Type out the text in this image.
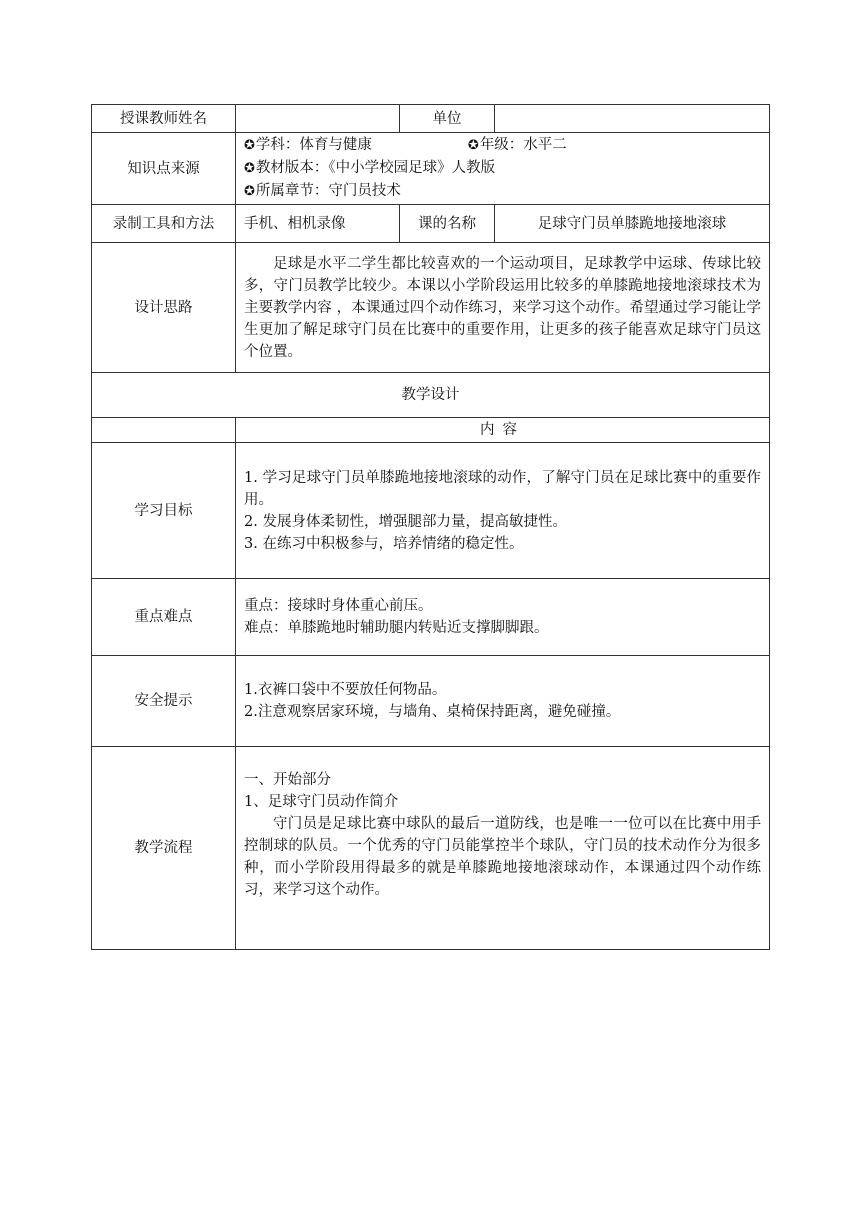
授课教师姓名		单位	
知识点来源	✪学科：体育与健康 ✪年级：水平二
✪教材版本：《中小学校园足球》人教版
✪所属章节：守门员技术		

录制工具和方法	手机、相机录像	课的名称	足球守门员单膝跪地接地滚球
设计思路	足球是水平二学生都比较喜欢的一个运动项目，足球教学中运球、传球比较多，守门员教学比较少。本课以小学阶段运用比较多的单膝跪地接地滚球技术为主要教学内容 ，本课通过四个动作练习，来学习这个动作。希望通过学习能让学生更加了解足球守门员在比赛中的重要作用，让更多的孩子能喜欢足球守门员这个位置。		
教学设计			
	内容		
学习目标	1. 学习足球守门员单膝跪地接地滚球的动作，了解守门员在足球比赛中的重要作用。
2. 发展身体柔韧性，增强腿部力量，提高敏捷性。
3. 在练习中积极参与，培养情绪的稳定性。		

重点难点	重点：接球时身体重心前压。
难点：单膝跪地时辅助腿内转贴近支撑脚脚跟。		

安全提示	1.衣裤口袋中不要放任何物品。
2.注意观察居家环境，与墙角、桌椅保持距离，避免碰撞。		

教学流程	一、开始部分
1、足球守门员动作简介
守门员是足球比赛中球队的最后一道防线，也是唯一一位可以在比赛中用手控制球的队员。一个优秀的守门员能掌控半个球队，守门员的技术动作分为很多种，而小学阶段用得最多的就是单膝跪地接地滚球动作，本课通过四个动作练习，来学习这个动作。		
